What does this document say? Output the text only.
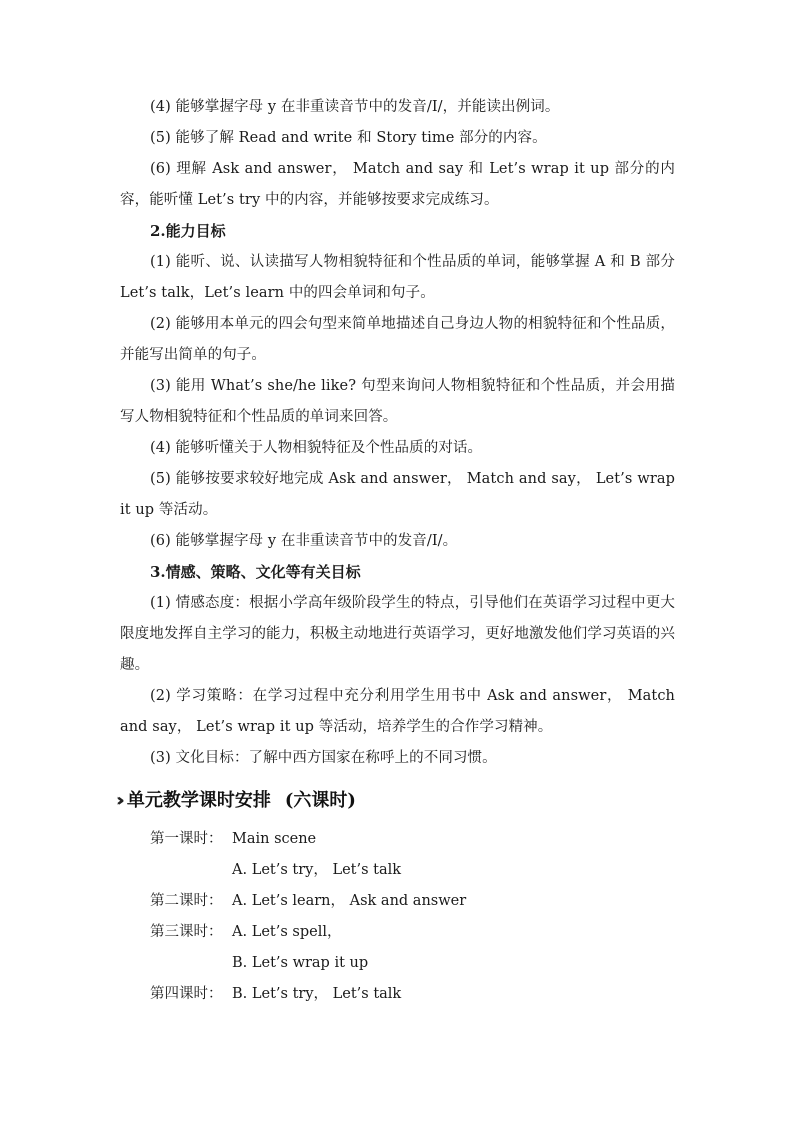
(4) 能够掌握字母 y 在非重读音节中的发音/I/，并能读出例词。

(5) 能够了解 Read and write 和 Story time 部分的内容。

(6) 理解 Ask and answer， Match and say 和 Let’s wrap it up 部分的内容，能听懂 Let’s try 中的内容，并能够按要求完成练习。

2.能力目标

(1) 能听、说、认读描写人物相貌特征和个性品质的单词，能够掌握 A 和 B 部分 Let’s talk，Let’s learn 中的四会单词和句子。

(2) 能够用本单元的四会句型来简单地描述自己身边人物的相貌特征和个性品质，并能写出简单的句子。

(3) 能用 What’s she/he like? 句型来询问人物相貌特征和个性品质，并会用描写人物相貌特征和个性品质的单词来回答。

(4) 能够听懂关于人物相貌特征及个性品质的对话。

(5) 能够按要求较好地完成 Ask and answer， Match and say， Let’s wrap it up 等活动。

(6) 能够掌握字母 y 在非重读音节中的发音/I/。

3.情感、策略、文化等有关目标

(1) 情感态度：根据小学高年级阶段学生的特点，引导他们在英语学习过程中更大限度地发挥自主学习的能力，积极主动地进行英语学习，更好地激发他们学习英语的兴趣。

(2) 学习策略：在学习过程中充分利用学生用书中 Ask and answer， Match and say， Let’s wrap it up 等活动，培养学生的合作学习精神。

(3) 文化目标：了解中西方国家在称呼上的不同习惯。

›› 单元教学课时安排 (六课时)
第一课时： Main scene
A. Let’s try， Let’s talk
第二课时： A. Let’s learn， Ask and answer
第三课时： A. Let’s spell，
B. Let’s wrap it up
第四课时： B. Let’s try， Let’s talk
